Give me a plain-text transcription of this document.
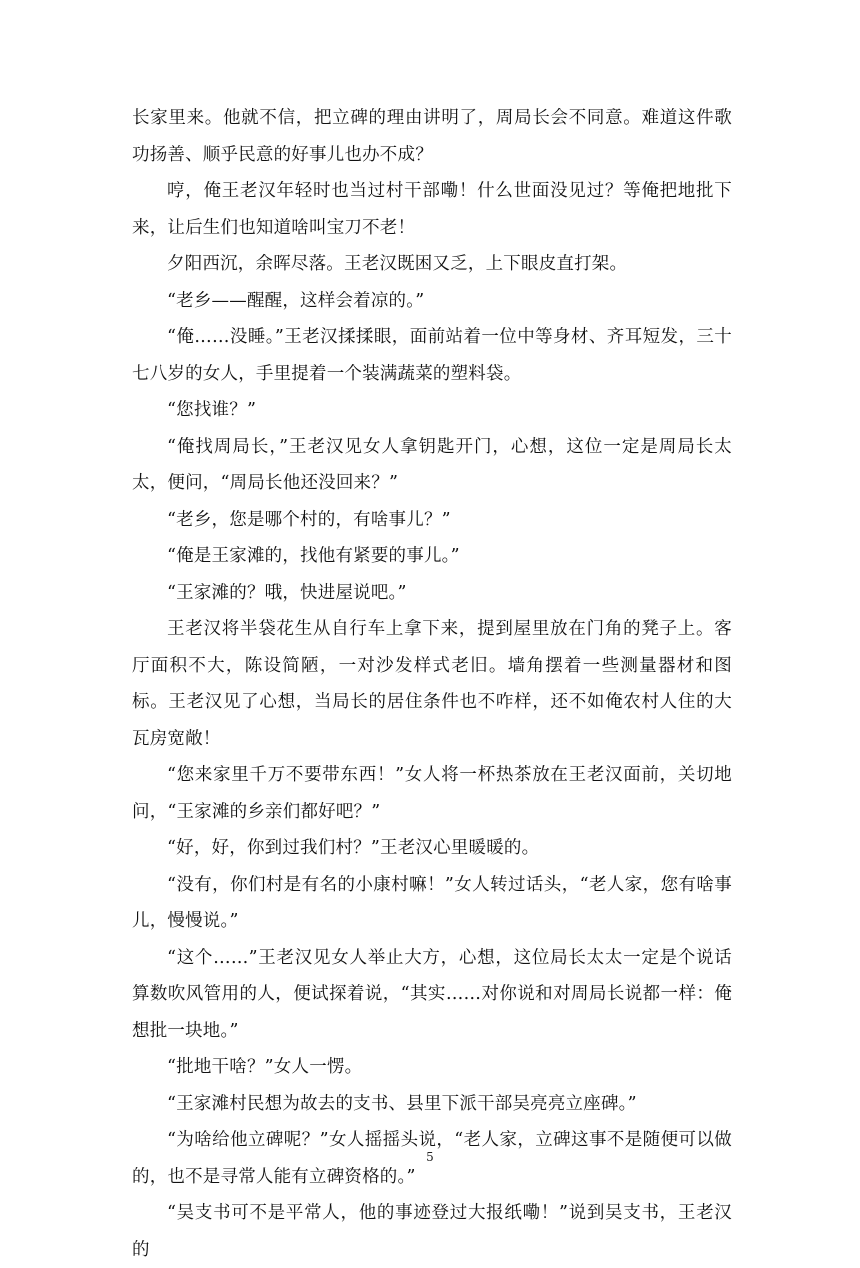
长家里来。他就不信，把立碑的理由讲明了，周局长会不同意。难道这件歌功扬善、顺乎民意的好事儿也办不成？

哼，俺王老汉年轻时也当过村干部嘞！什么世面没见过？等俺把地批下来，让后生们也知道啥叫宝刀不老！

夕阳西沉，余晖尽落。王老汉既困又乏，上下眼皮直打架。

“老乡——醒醒，这样会着凉的。”

“俺……没睡。”王老汉揉揉眼，面前站着一位中等身材、齐耳短发，三十七八岁的女人，手里提着一个装满蔬菜的塑料袋。

“您找谁？”

“俺找周局长，”王老汉见女人拿钥匙开门，心想，这位一定是周局长太太，便问，“周局长他还没回来？”

“老乡，您是哪个村的，有啥事儿？”

“俺是王家滩的，找他有紧要的事儿。”

“王家滩的？哦，快进屋说吧。”

王老汉将半袋花生从自行车上拿下来，提到屋里放在门角的凳子上。客厅面积不大，陈设简陋，一对沙发样式老旧。墙角摆着一些测量器材和图标。王老汉见了心想，当局长的居住条件也不咋样，还不如俺农村人住的大瓦房宽敞！

“您来家里千万不要带东西！”女人将一杯热茶放在王老汉面前，关切地问，“王家滩的乡亲们都好吧？”

“好，好，你到过我们村？”王老汉心里暖暖的。

“没有，你们村是有名的小康村嘛！”女人转过话头，“老人家，您有啥事儿，慢慢说。”

“这个……”王老汉见女人举止大方，心想，这位局长太太一定是个说话算数吹风管用的人，便试探着说，“其实……对你说和对周局长说都一样：俺想批一块地。”

“批地干啥？”女人一愣。

“王家滩村民想为故去的支书、县里下派干部吴亮亮立座碑。”

“为啥给他立碑呢？”女人摇摇头说，“老人家，立碑这事不是随便可以做的，也不是寻常人能有立碑资格的。”

“吴支书可不是平常人，他的事迹登过大报纸嘞！”说到吴支书，王老汉的

5
